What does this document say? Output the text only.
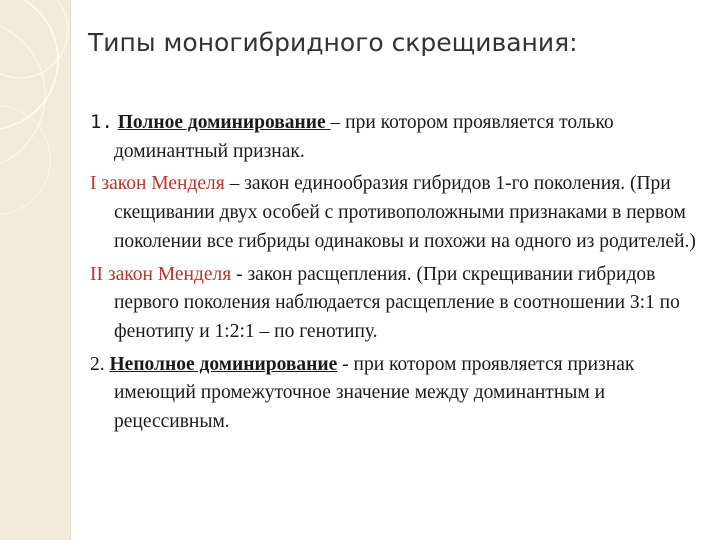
Типы моногибридного скрещивания:

1. Полное доминирование – при котором проявляется только доминантный признак.

I закон Менделя – закон единообразия гибридов 1-го поколения. (При скещивании двух особей с противоположными признаками в первом поколении все гибриды одинаковы и похожи на одного из родителей.)

II закон Менделя - закон расщепления. (При скрещивании гибридов первого поколения наблюдается расщепление в соотношении 3:1 по фенотипу и 1:2:1 – по генотипу.

2. Неполное доминирование - при котором проявляется признак имеющий промежуточное значение между доминантным и рецессивным.
